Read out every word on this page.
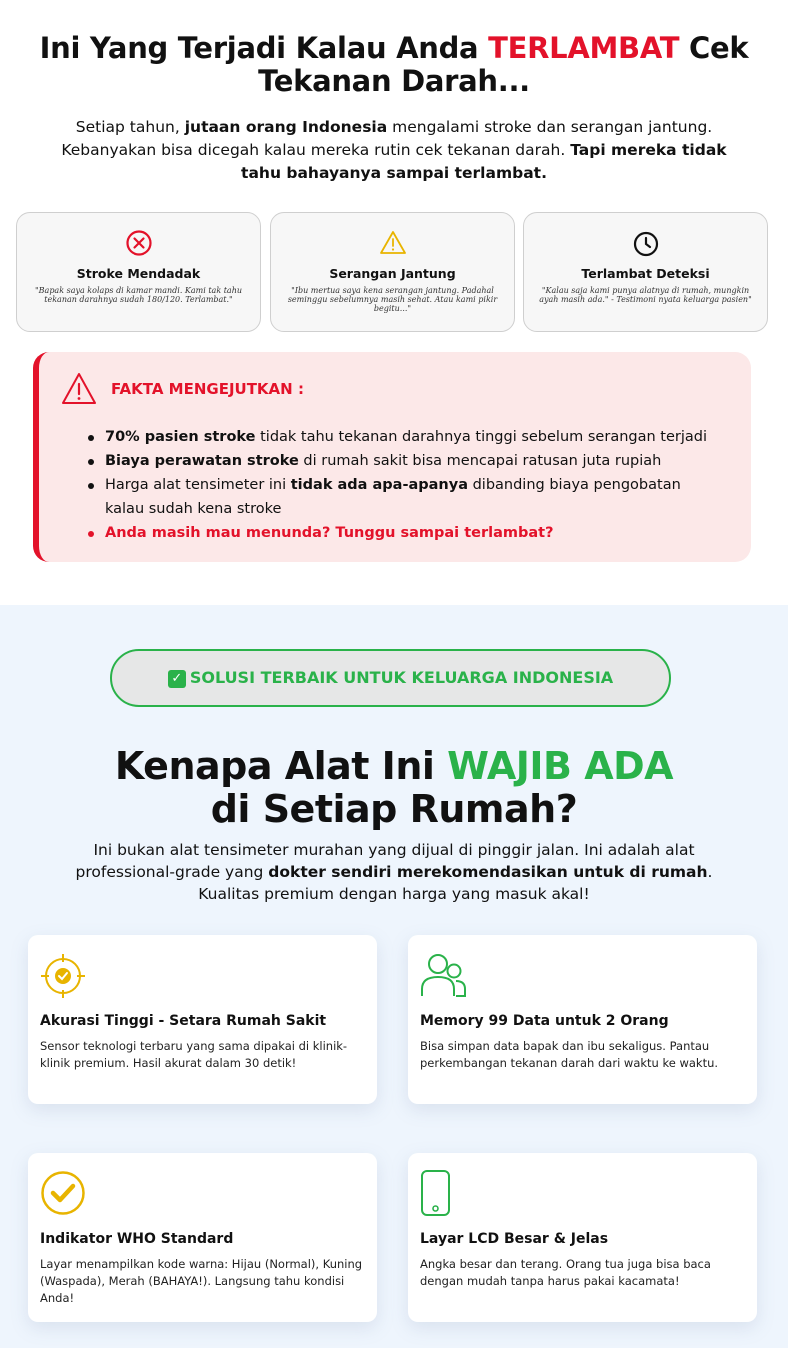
Ini Yang Terjadi Kalau Anda TERLAMBAT Cek Tekanan Darah...

Setiap tahun, jutaan orang Indonesia mengalami stroke dan serangan jantung. Kebanyakan bisa dicegah kalau mereka rutin cek tekanan darah. Tapi mereka tidak tahu bahayanya sampai terlambat.

Stroke Mendadak
"Bapak saya kolaps di kamar mandi. Kami tak tahu tekanan darahnya sudah 180/120. Terlambat."
Serangan Jantung
"Ibu mertua saya kena serangan jantung. Padahal seminggu sebelumnya masih sehat. Atau kami pikir begitu..."
Terlambat Deteksi
"Kalau saja kami punya alatnya di rumah, mungkin ayah masih ada." - Testimoni nyata keluarga pasien"
FAKTA MENGEJUTKAN :
70% pasien stroke tidak tahu tekanan darahnya tinggi sebelum serangan terjadi
Biaya perawatan stroke di rumah sakit bisa mencapai ratusan juta rupiah
Harga alat tensimeter ini tidak ada apa-apanya dibanding biaya pengobatan kalau sudah kena stroke
Anda masih mau menunda? Tunggu sampai terlambat?
✓ SOLUSI TERBAIK UNTUK KELUARGA INDONESIA
Kenapa Alat Ini WAJIB ADA
di Setiap Rumah?

Ini bukan alat tensimeter murahan yang dijual di pinggir jalan. Ini adalah alat professional-grade yang dokter sendiri merekomendasikan untuk di rumah. Kualitas premium dengan harga yang masuk akal!

Akurasi Tinggi - Setara Rumah Sakit
Sensor teknologi terbaru yang sama dipakai di klinik-klinik premium. Hasil akurat dalam 30 detik!
Memory 99 Data untuk 2 Orang
Bisa simpan data bapak dan ibu sekaligus. Pantau perkembangan tekanan darah dari waktu ke waktu.
Indikator WHO Standard
Layar menampilkan kode warna: Hijau (Normal), Kuning (Waspada), Merah (BAHAYA!). Langsung tahu kondisi Anda!
Layar LCD Besar & Jelas
Angka besar dan terang. Orang tua juga bisa baca dengan mudah tanpa harus pakai kacamata!
